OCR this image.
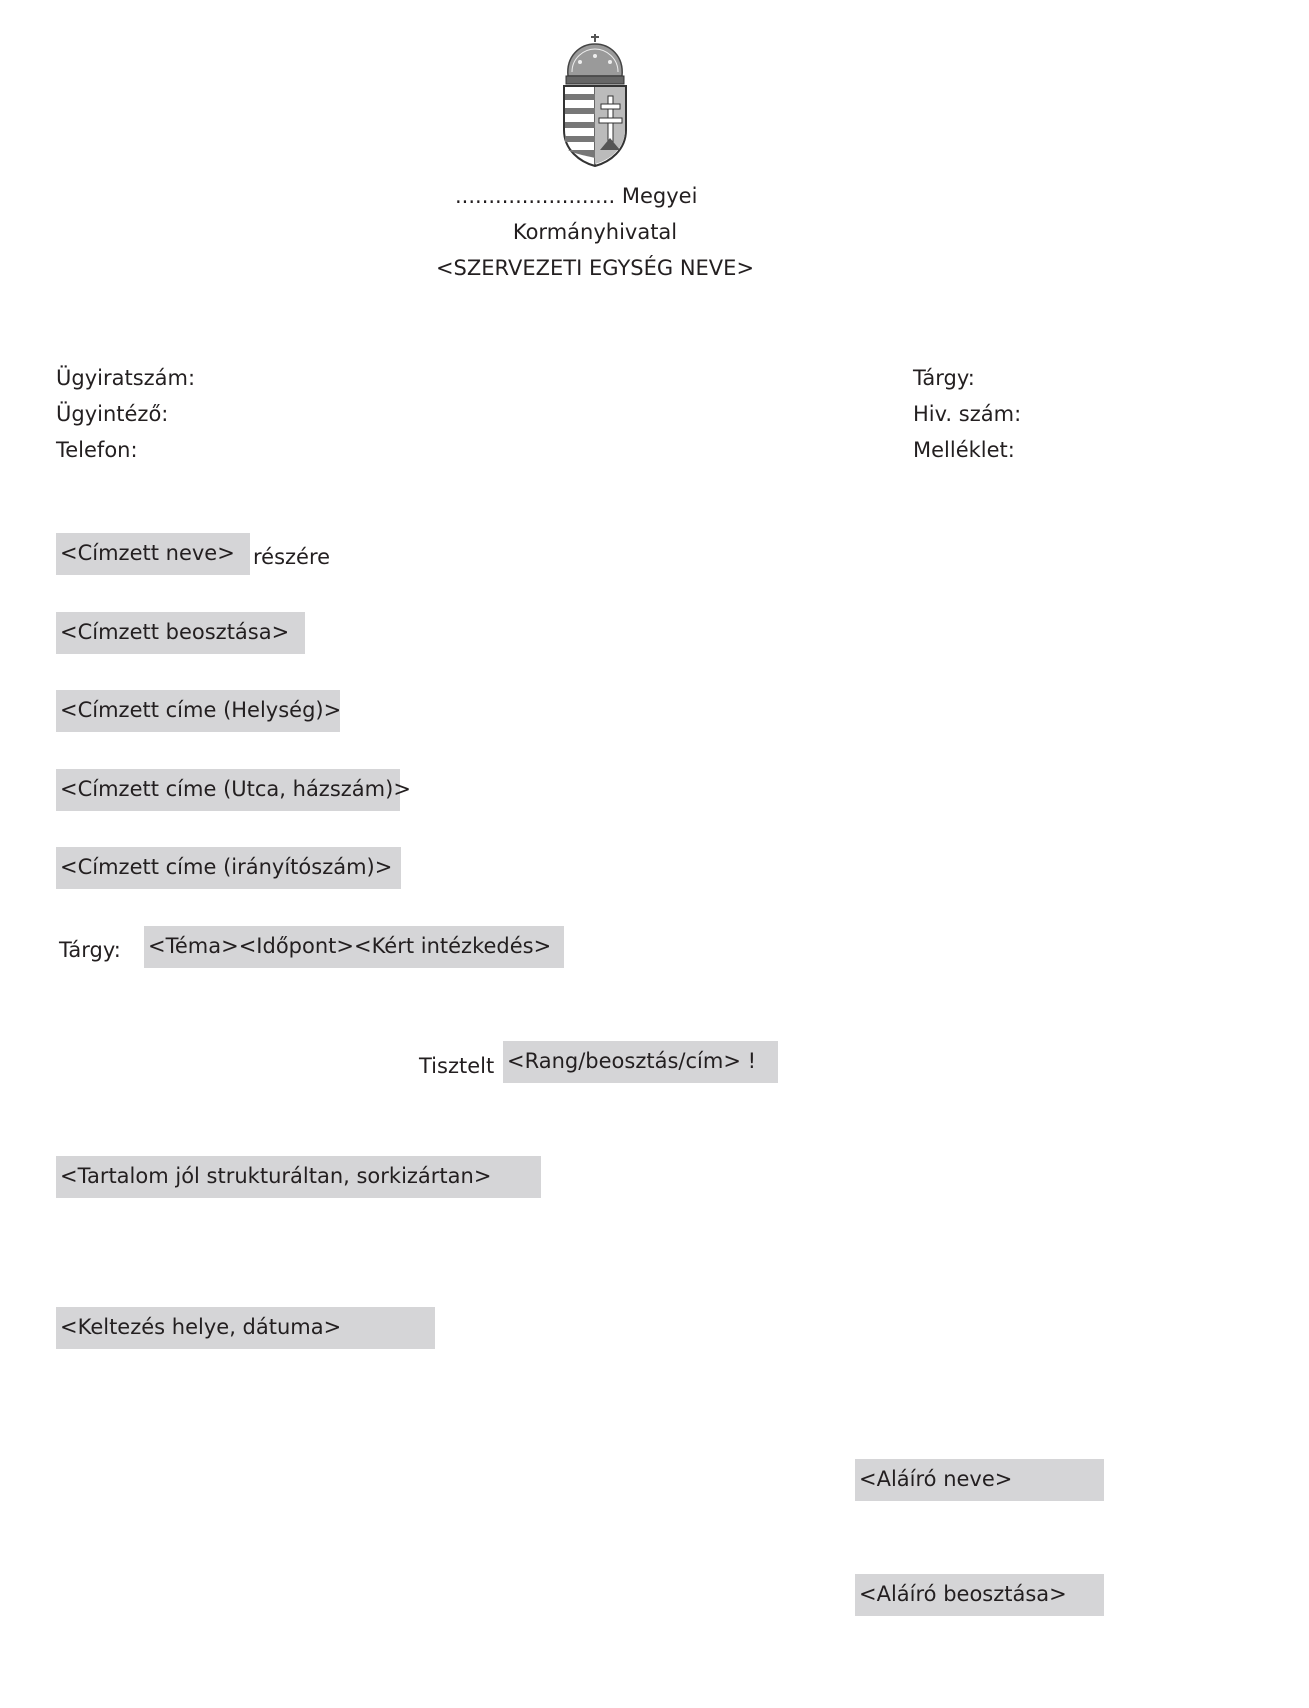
........................ Megyei
Kormányhivatal
<SZERVEZETI EGYSÉG NEVE>
Ügyiratszám:
Ügyintéző:
Telefon:
Tárgy:
Hiv. szám:
Melléklet:
<Címzett neve> részére
<Címzett beosztása>
<Címzett címe (Helység)>
<Címzett címe (Utca, házszám)>
<Címzett címe (irányítószám)>
Tárgy: <Téma><Időpont><Kért intézkedés>
Tisztelt <Rang/beosztás/cím> !
<Tartalom jól strukturáltan, sorkizártan>
<Keltezés helye, dátuma>
<Aláíró neve>
<Aláíró beosztása>
